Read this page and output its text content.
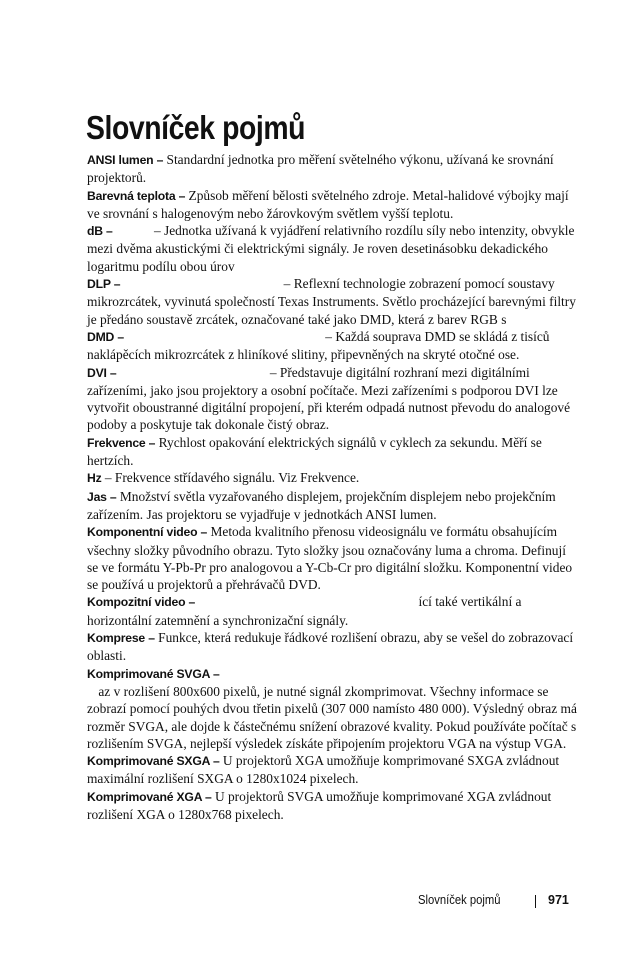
Slovníček pojmů

ANSI lumen – Standardní jednotka pro měření světelného výkonu, užívaná ke srovnání projektorů.

Barevná teplota – Způsob měření bělosti světelného zdroje. Metal-halidové výbojky mají ve srovnání s halogenovým nebo žárovkovým světlem vyšší teplotu.

dB –	– Jednotka užívaná k vyjádření relativního rozdílu síly nebo intenzity, obvykle mezi dvěma akustickými či elektrickými signály. Je roven desetinásobku dekadického logaritmu podílu obou úrov

DLP –	– Reflexní technologie zobrazení pomocí soustavy mikrozrcátek, vyvinutá společností Texas Instruments. Světlo procházející barevnými filtry je předáno soustavě zrcátek, označované také jako DMD, která z barev RGB s

DMD –	– Každá souprava DMD se skládá z tisíců naklápěcích mikrozrcátek z hliníkové slitiny, připevněných na skryté otočné ose.

DVI –	– Představuje digitální rozhraní mezi digitálními zařízeními, jako jsou projektory a osobní počítače. Mezi zařízeními s podporou DVI lze vytvořit oboustranné digitální propojení, při kterém odpadá nutnost převodu do analogové podoby a poskytuje tak dokonale čistý obraz.

Frekvence – Rychlost opakování elektrických signálů v cyklech za sekundu. Měří se hertzích.

Hz – Frekvence střídavého signálu. Viz Frekvence.

Jas – Množství světla vyzařovaného displejem, projekčním displejem nebo projekčním zařízením. Jas projektoru se vyjadřuje v jednotkách ANSI lumen.

Komponentní video – Metoda kvalitního přenosu videosignálu ve formátu obsahujícím všechny složky původního obrazu. Tyto složky jsou označovány luma a chroma. Definují se ve formátu Y-Pb-Pr pro analogovou a Y-Cb-Cr pro digitální složku. Komponentní video se používá u projektorů a přehrávačů DVD.

Kompozitní video –	ící také vertikální a horizontální zatemnění a synchronizační signály.

Komprese – Funkce, která redukuje řádkové rozlišení obrazu, aby se vešel do zobrazovací oblasti.

Komprimované SVGA –
az v rozlišení 800x600 pixelů, je nutné signál zkomprimovat. Všechny informace se zobrazí pomocí pouhých dvou třetin pixelů (307 000 namísto 480 000). Výsledný obraz má rozměr SVGA, ale dojde k částečnému snížení obrazové kvality. Pokud používáte počítač s rozlišením SVGA, nejlepší výsledek získáte připojením projektoru VGA na výstup VGA.

Komprimované SXGA – U projektorů XGA umožňuje komprimované SXGA zvládnout maximální rozlišení SXGA o 1280x1024 pixelech.

Komprimované XGA – U projektorů SVGA umožňuje komprimované XGA zvládnout rozlišení XGA o 1280x768 pixelech.

Slovníček pojmů	971
